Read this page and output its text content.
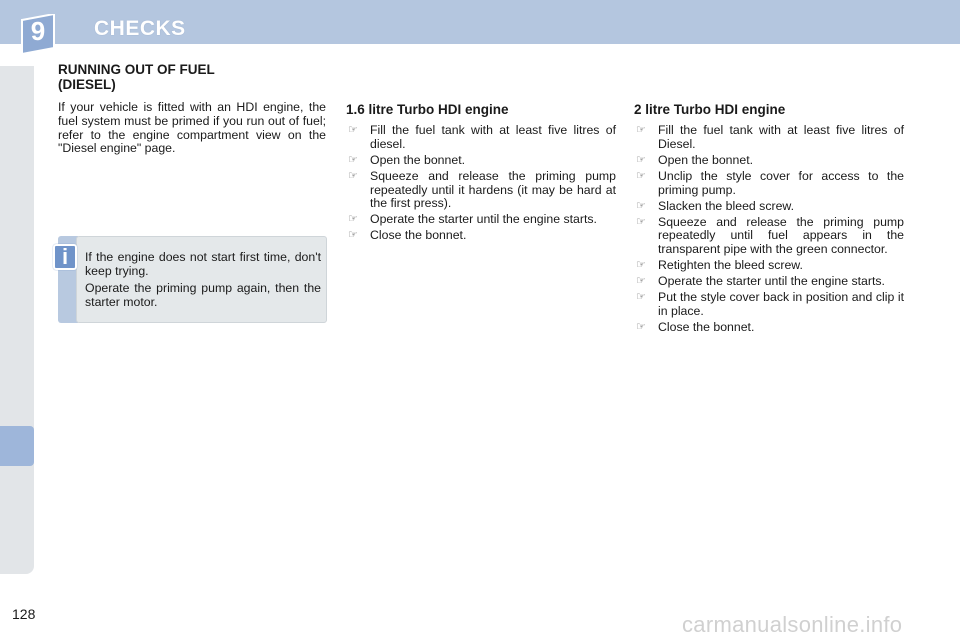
9	CHECKS
RUNNING OUT OF FUEL
(DIESEL)

If your vehicle is fitted with an HDI engine, the fuel system must be primed if you run out of fuel; refer to the engine compartment view on the "Diesel engine" page.

i	If the engine does not start first time, don't keep trying.

Operate the priming pump again, then the starter motor.

1.6 litre Turbo HDI engine
☞ Fill the fuel tank with at least five litres of diesel.
☞ Open the bonnet.
☞ Squeeze and release the priming pump repeatedly until it hardens (it may be hard at the first press).
☞ Operate the starter until the engine starts.
☞ Close the bonnet.
2 litre Turbo HDI engine
☞ Fill the fuel tank with at least five litres of Diesel.
☞ Open the bonnet.
☞ Unclip the style cover for access to the priming pump.
☞ Slacken the bleed screw.
☞ Squeeze and release the priming pump repeatedly until fuel appears in the transparent pipe with the green connector.
☞ Retighten the bleed screw.
☞ Operate the starter until the engine starts.
☞ Put the style cover back in position and clip it in place.
☞ Close the bonnet.
128	carmanualsonline.info
